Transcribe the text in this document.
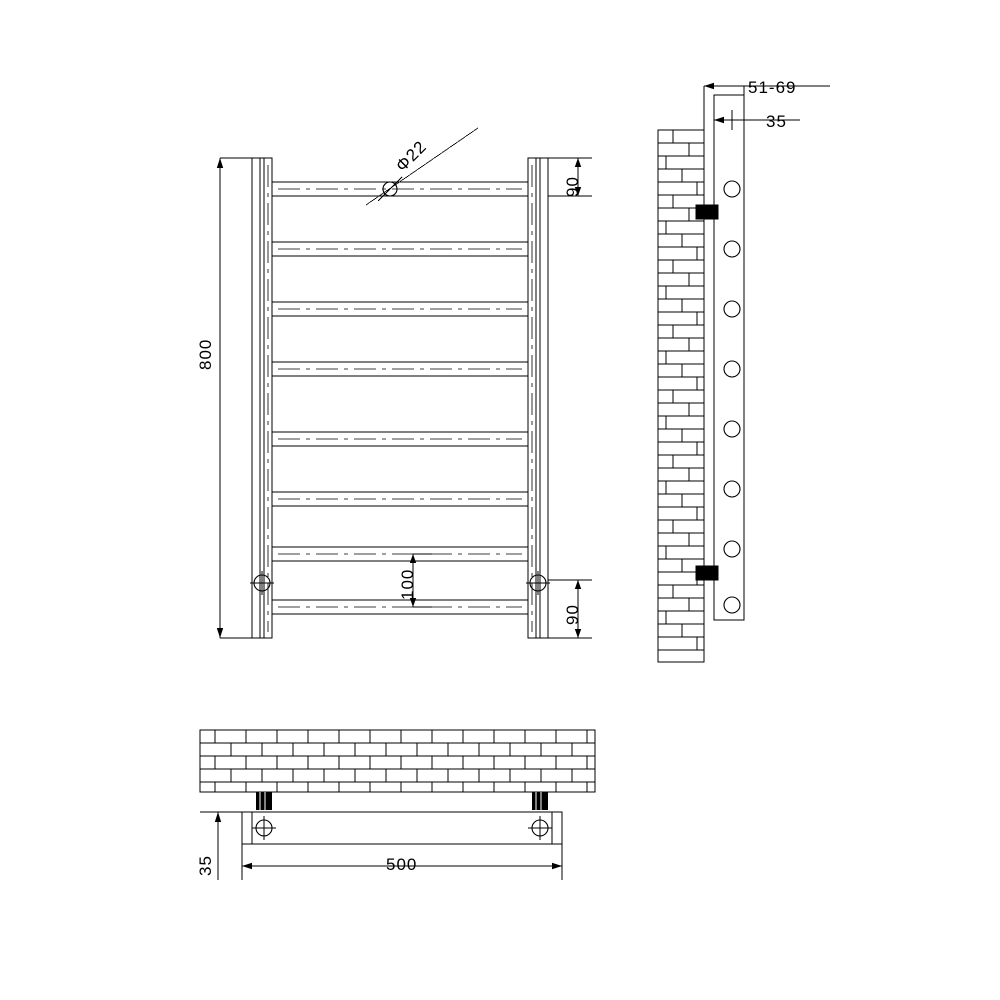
800
90
90
100
Φ22
51-69
35
500
35
